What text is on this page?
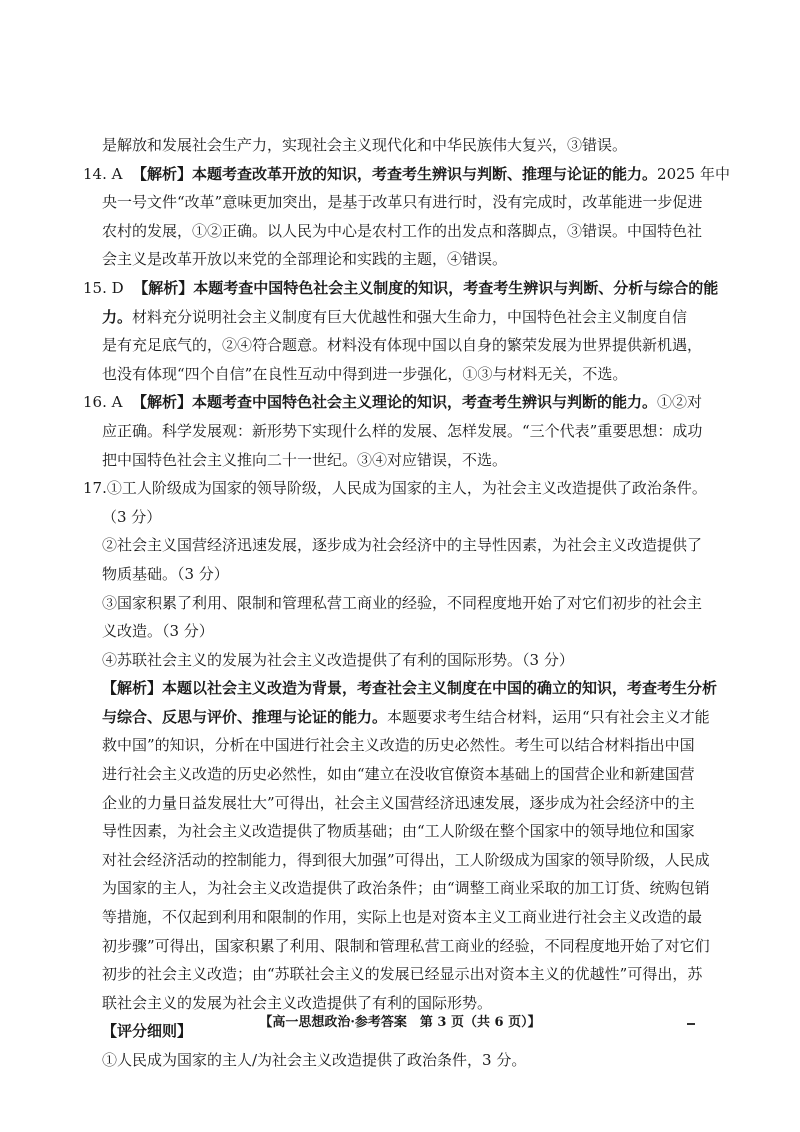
是解放和发展社会生产力，实现社会主义现代化和中华民族伟大复兴，③错误。
14. A 【解析】本题考查改革开放的知识，考查考生辨识与判断、推理与论证的能力。2025 年中
央一号文件“改革”意味更加突出，是基于改革只有进行时，没有完成时，改革能进一步促进
农村的发展，①②正确。以人民为中心是农村工作的出发点和落脚点，③错误。中国特色社
会主义是改革开放以来党的全部理论和实践的主题，④错误。
15. D 【解析】本题考查中国特色社会主义制度的知识，考查考生辨识与判断、分析与综合的能
力。材料充分说明社会主义制度有巨大优越性和强大生命力，中国特色社会主义制度自信
是有充足底气的，②④符合题意。材料没有体现中国以自身的繁荣发展为世界提供新机遇，
也没有体现“四个自信”在良性互动中得到进一步强化，①③与材料无关，不选。
16. A 【解析】本题考查中国特色社会主义理论的知识，考查考生辨识与判断的能力。①②对
应正确。科学发展观：新形势下实现什么样的发展、怎样发展。“三个代表”重要思想：成功
把中国特色社会主义推向二十一世纪。③④对应错误，不选。
17.①工人阶级成为国家的领导阶级，人民成为国家的主人，为社会主义改造提供了政治条件。
（3 分）
②社会主义国营经济迅速发展，逐步成为社会经济中的主导性因素，为社会主义改造提供了
物质基础。（3 分）
③国家积累了利用、限制和管理私营工商业的经验，不同程度地开始了对它们初步的社会主
义改造。（3 分）
④苏联社会主义的发展为社会主义改造提供了有利的国际形势。（3 分）
【解析】本题以社会主义改造为背景，考查社会主义制度在中国的确立的知识，考查考生分析
与综合、反思与评价、推理与论证的能力。本题要求考生结合材料，运用“只有社会主义才能
救中国”的知识，分析在中国进行社会主义改造的历史必然性。考生可以结合材料指出中国
进行社会主义改造的历史必然性，如由“建立在没收官僚资本基础上的国营企业和新建国营
企业的力量日益发展壮大”可得出，社会主义国营经济迅速发展，逐步成为社会经济中的主
导性因素，为社会主义改造提供了物质基础；由“工人阶级在整个国家中的领导地位和国家
对社会经济活动的控制能力，得到很大加强”可得出，工人阶级成为国家的领导阶级，人民成
为国家的主人，为社会主义改造提供了政治条件；由“调整工商业采取的加工订货、统购包销
等措施，不仅起到利用和限制的作用，实际上也是对资本主义工商业进行社会主义改造的最
初步骤”可得出，国家积累了利用、限制和管理私营工商业的经验，不同程度地开始了对它们
初步的社会主义改造；由“苏联社会主义的发展已经显示出对资本主义的优越性”可得出，苏
联社会主义的发展为社会主义改造提供了有利的国际形势。
【评分细则】
①人民成为国家的主人/为社会主义改造提供了政治条件，3 分。
【高一思想政治·参考答案　第 3 页（共 6 页）】
